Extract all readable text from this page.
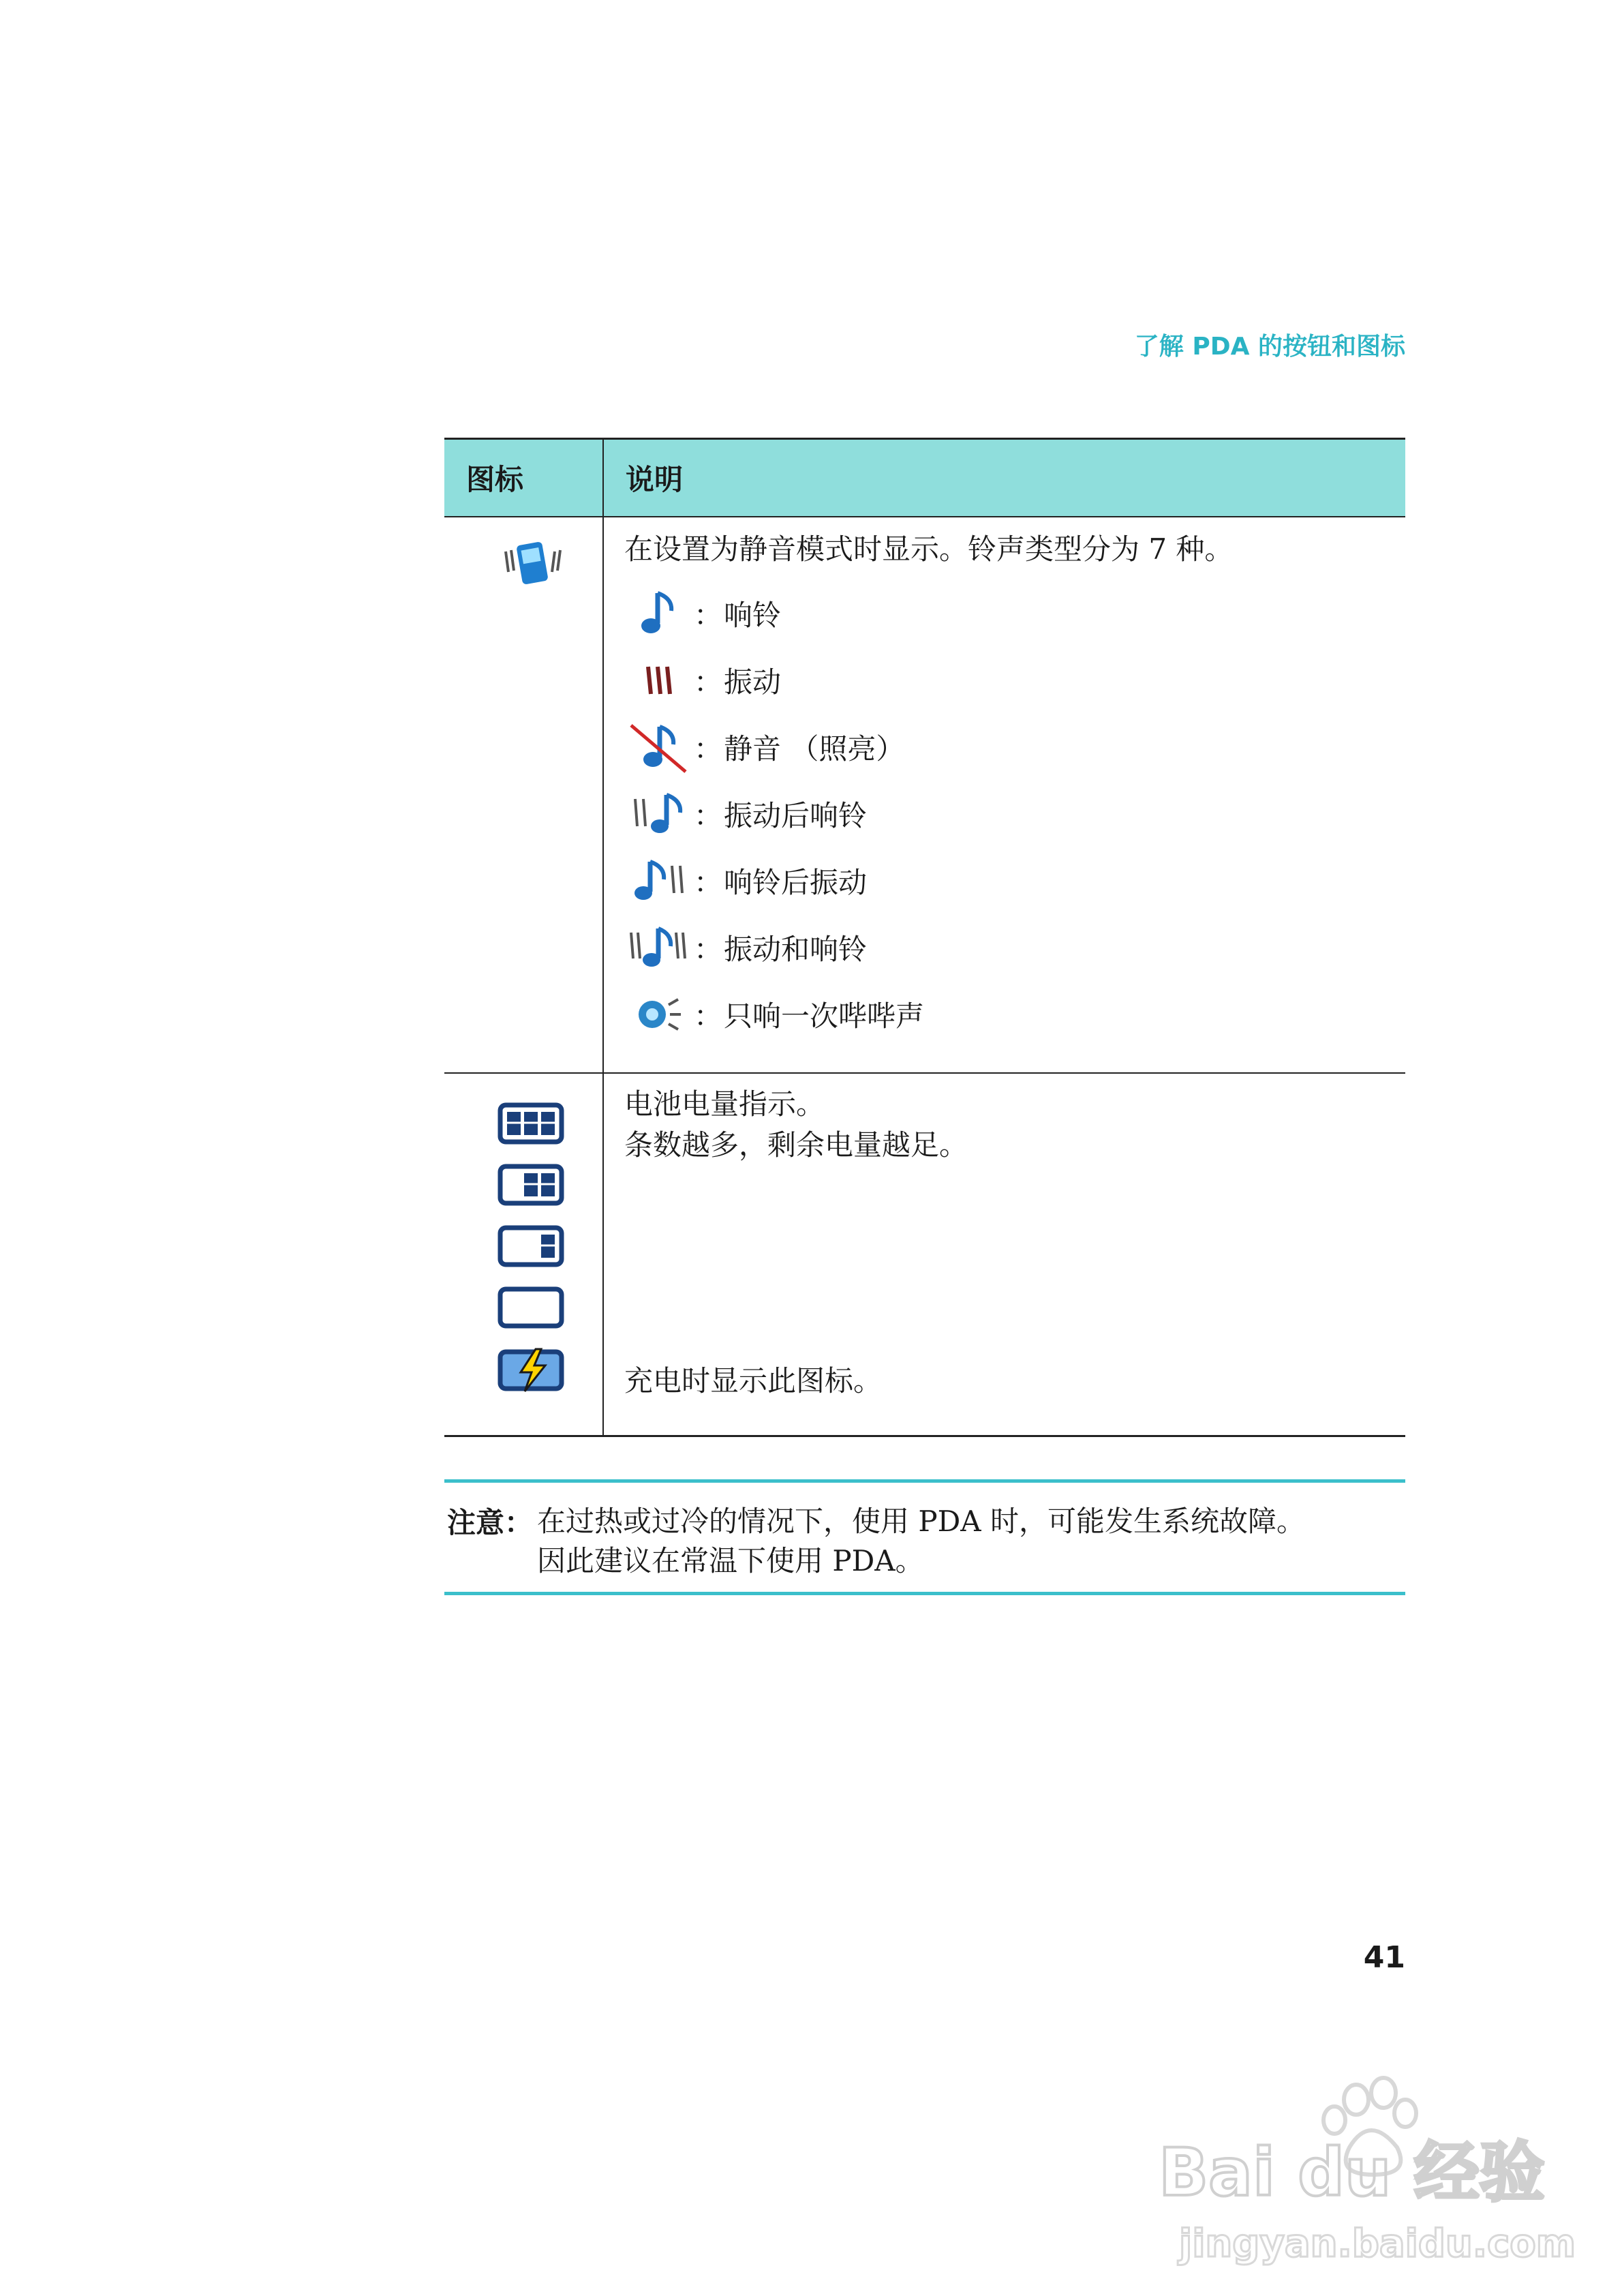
了解 PDA 的按钮和图标
图标	说明
在设置为静音模式时显示。铃声类型分为 7 种。
： 响铃
： 振动
： 静音 （照亮）
： 振动后响铃
： 响铃后振动
： 振动和响铃
： 只响一次哔哔声
电池电量指示。
条数越多，剩余电量越足。
充电时显示此图标。
注意： 在过热或过冷的情况下，使用 PDA 时，可能发生系统故障。
因此建议在常温下使用 PDA。
41
Bai du 经验
jingyan.baidu.com
